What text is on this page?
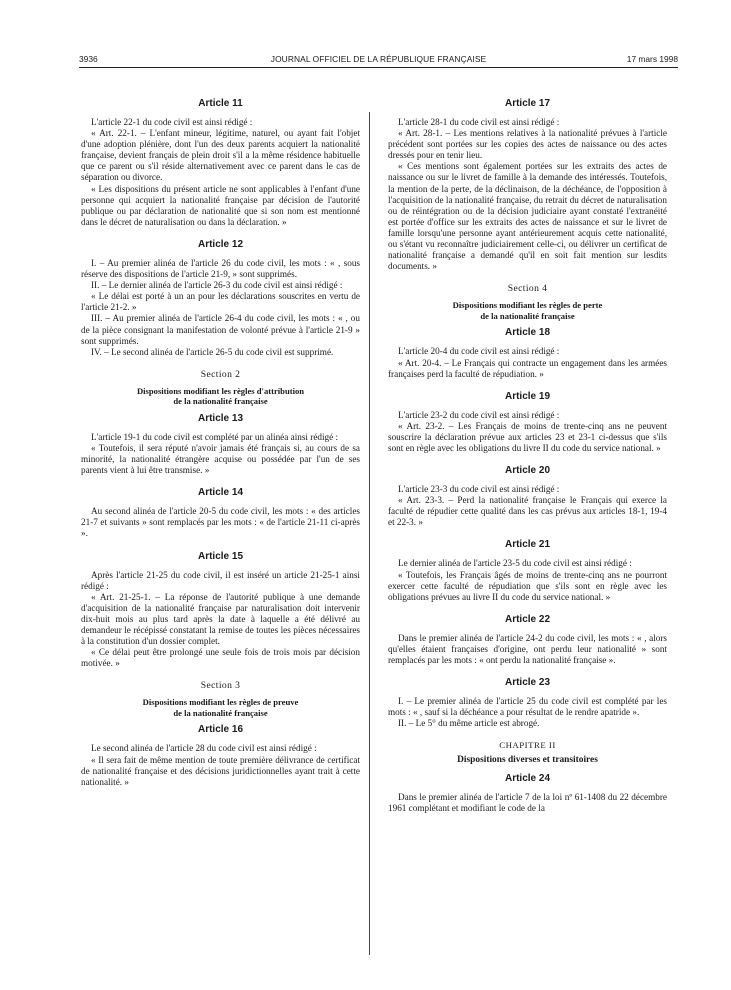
3936	JOURNAL OFFICIEL DE LA RÉPUBLIQUE FRANÇAISE	17 mars 1998
Article 11

L'article 22-1 du code civil est ainsi rédigé :

« Art. 22-1. – L'enfant mineur, légitime, naturel, ou ayant fait l'objet d'une adoption plénière, dont l'un des deux parents acquiert la nationalité française, devient français de plein droit s'il a la même résidence habituelle que ce parent ou s'il réside alternativement avec ce parent dans le cas de séparation ou divorce.

« Les dispositions du présent article ne sont applicables à l'enfant d'une personne qui acquiert la nationalité française par décision de l'autorité publique ou par déclaration de nationalité que si son nom est mentionné dans le décret de naturalisation ou dans la déclaration. »

Article 12

I. – Au premier alinéa de l'article 26 du code civil, les mots : « , sous réserve des dispositions de l'article 21-9, » sont supprimés.

II. – Le dernier alinéa de l'article 26-3 du code civil est ainsi rédigé :

« Le délai est porté à un an pour les déclarations souscrites en vertu de l'article 21-2. »

III. – Au premier alinéa de l'article 26-4 du code civil, les mots : « , ou de la pièce consignant la manifestation de volonté prévue à l'article 21-9 » sont supprimés.

IV. – Le second alinéa de l'article 26-5 du code civil est supprimé.

Section 2
Dispositions modifiant les règles d'attribution
de la nationalité française
Article 13

L'article 19-1 du code civil est complété par un alinéa ainsi rédigé :

« Toutefois, il sera réputé n'avoir jamais été français si, au cours de sa minorité, la nationalité étrangère acquise ou possédée par l'un de ses parents vient à lui être transmise. »

Article 14

Au second alinéa de l'article 20-5 du code civil, les mots : « des articles 21-7 et suivants » sont remplacés par les mots : « de l'article 21-11 ci-après ».

Article 15

Après l'article 21-25 du code civil, il est inséré un article 21-25-1 ainsi rédigé :

« Art. 21-25-1. – La réponse de l'autorité publique à une demande d'acquisition de la nationalité française par naturalisation doit intervenir dix-huit mois au plus tard après la date à laquelle a été délivré au demandeur le récépissé constatant la remise de toutes les pièces nécessaires à la constitution d'un dossier complet.

« Ce délai peut être prolongé une seule fois de trois mois par décision motivée. »

Section 3
Dispositions modifiant les règles de preuve
de la nationalité française
Article 16

Le second alinéa de l'article 28 du code civil est ainsi rédigé :

« Il sera fait de même mention de toute première délivrance de certificat de nationalité française et des décisions juridictionnelles ayant trait à cette nationalité. »

Article 17

L'article 28-1 du code civil est ainsi rédigé :

« Art. 28-1. – Les mentions relatives à la nationalité prévues à l'article précédent sont portées sur les copies des actes de naissance ou des actes dressés pour en tenir lieu.

« Ces mentions sont également portées sur les extraits des actes de naissance ou sur le livret de famille à la demande des intéressés. Toutefois, la mention de la perte, de la déclinaison, de la déchéance, de l'opposition à l'acquisition de la nationalité française, du retrait du décret de naturalisation ou de réintégration ou de la décision judiciaire ayant constaté l'extranéité est portée d'office sur les extraits des actes de naissance et sur le livret de famille lorsqu'une personne ayant antérieurement acquis cette nationalité, ou s'étant vu reconnaître judiciairement celle-ci, ou délivrer un certificat de nationalité française a demandé qu'il en soit fait mention sur lesdits documents. »

Section 4
Dispositions modifiant les règles de perte
de la nationalité française
Article 18

L'article 20-4 du code civil est ainsi rédigé :

« Art. 20-4. – Le Français qui contracte un engagement dans les armées françaises perd la faculté de répudiation. »

Article 19

L'article 23-2 du code civil est ainsi rédigé :

« Art. 23-2. – Les Français de moins de trente-cinq ans ne peuvent souscrire la déclaration prévue aux articles 23 et 23-1 ci-dessus que s'ils sont en règle avec les obligations du livre II du code du service national. »

Article 20

L'article 23-3 du code civil est ainsi rédigé :

« Art. 23-3. – Perd la nationalité française le Français qui exerce la faculté de répudier cette qualité dans les cas prévus aux articles 18-1, 19-4 et 22-3. »

Article 21

Le dernier alinéa de l'article 23-5 du code civil est ainsi rédigé :

« Toutefois, les Français âgés de moins de trente-cinq ans ne pourront exercer cette faculté de répudiation que s'ils sont en règle avec les obligations prévues au livre II du code du service national. »

Article 22

Dans le premier alinéa de l'article 24-2 du code civil, les mots : « , alors qu'elles étaient françaises d'origine, ont perdu leur nationalité » sont remplacés par les mots : « ont perdu la nationalité française ».

Article 23

I. – Le premier alinéa de l'article 25 du code civil est complété par les mots : « , sauf si la déchéance a pour résultat de le rendre apatride ».

II. – Le 5° du même article est abrogé.

CHAPITRE II
Dispositions diverses et transitoires
Article 24

Dans le premier alinéa de l'article 7 de la loi nº 61-1408 du 22 décembre 1961 complétant et modifiant le code de la
